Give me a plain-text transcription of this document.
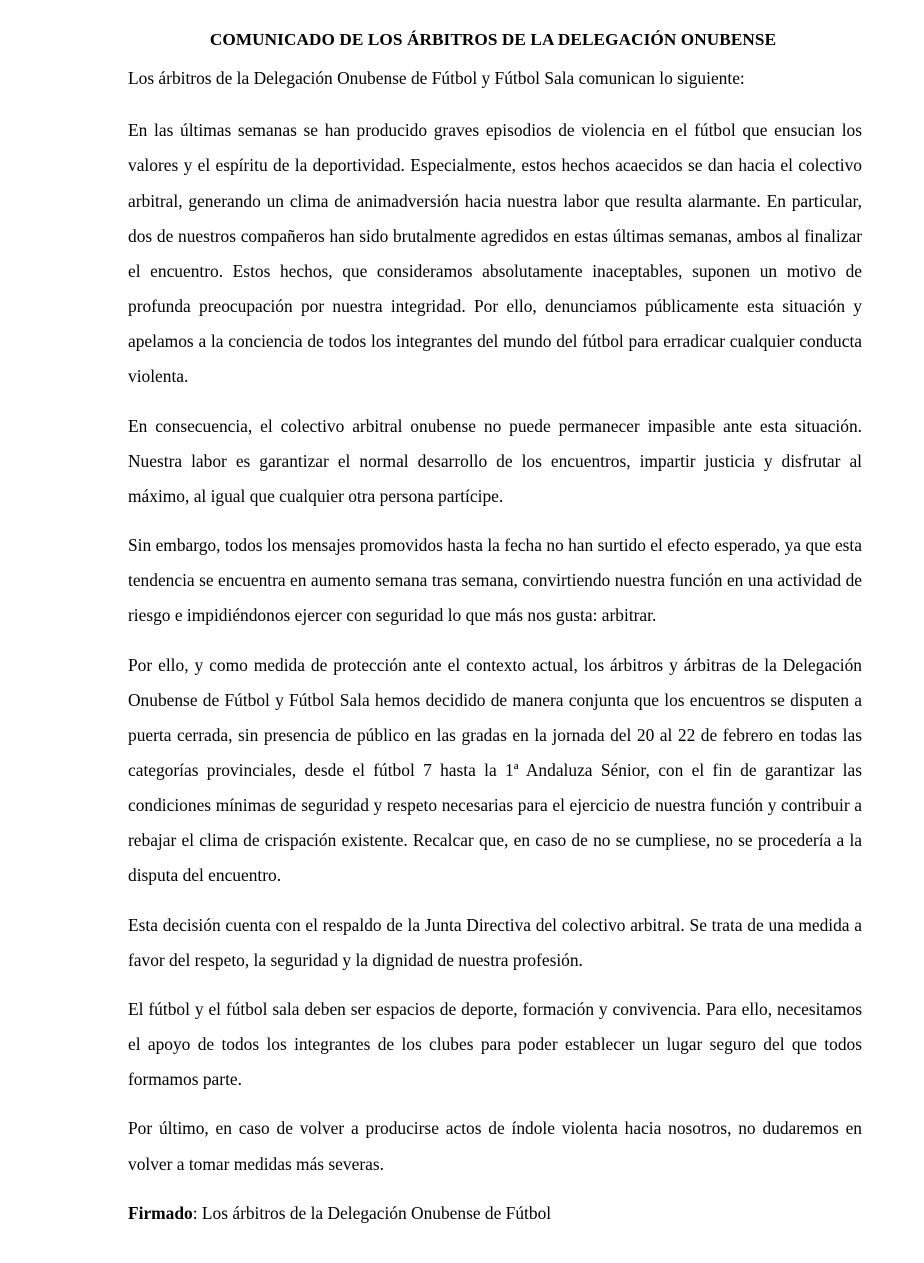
COMUNICADO DE LOS ÁRBITROS DE LA DELEGACIÓN ONUBENSE

Los árbitros de la Delegación Onubense de Fútbol y Fútbol Sala comunican lo siguiente:

En las últimas semanas se han producido graves episodios de violencia en el fútbol que ensucian los valores y el espíritu de la deportividad. Especialmente, estos hechos acaecidos se dan hacia el colectivo arbitral, generando un clima de animadversión hacia nuestra labor que resulta alarmante. En particular, dos de nuestros compañeros han sido brutalmente agredidos en estas últimas semanas, ambos al finalizar el encuentro. Estos hechos, que consideramos absolutamente inaceptables, suponen un motivo de profunda preocupación por nuestra integridad. Por ello, denunciamos públicamente esta situación y apelamos a la conciencia de todos los integrantes del mundo del fútbol para erradicar cualquier conducta violenta.

En consecuencia, el colectivo arbitral onubense no puede permanecer impasible ante esta situación. Nuestra labor es garantizar el normal desarrollo de los encuentros, impartir justicia y disfrutar al máximo, al igual que cualquier otra persona partícipe.

Sin embargo, todos los mensajes promovidos hasta la fecha no han surtido el efecto esperado, ya que esta tendencia se encuentra en aumento semana tras semana, convirtiendo nuestra función en una actividad de riesgo e impidiéndonos ejercer con seguridad lo que más nos gusta: arbitrar.

Por ello, y como medida de protección ante el contexto actual, los árbitros y árbitras de la Delegación Onubense de Fútbol y Fútbol Sala hemos decidido de manera conjunta que los encuentros se disputen a puerta cerrada, sin presencia de público en las gradas en la jornada del 20 al 22 de febrero en todas las categorías provinciales, desde el fútbol 7 hasta la 1ª Andaluza Sénior, con el fin de garantizar las condiciones mínimas de seguridad y respeto necesarias para el ejercicio de nuestra función y contribuir a rebajar el clima de crispación existente. Recalcar que, en caso de no se cumpliese, no se procedería a la disputa del encuentro.

Esta decisión cuenta con el respaldo de la Junta Directiva del colectivo arbitral. Se trata de una medida a favor del respeto, la seguridad y la dignidad de nuestra profesión.

El fútbol y el fútbol sala deben ser espacios de deporte, formación y convivencia. Para ello, necesitamos el apoyo de todos los integrantes de los clubes para poder establecer un lugar seguro del que todos formamos parte.

Por último, en caso de volver a producirse actos de índole violenta hacia nosotros, no dudaremos en volver a tomar medidas más severas.

Firmado: Los árbitros de la Delegación Onubense de Fútbol
